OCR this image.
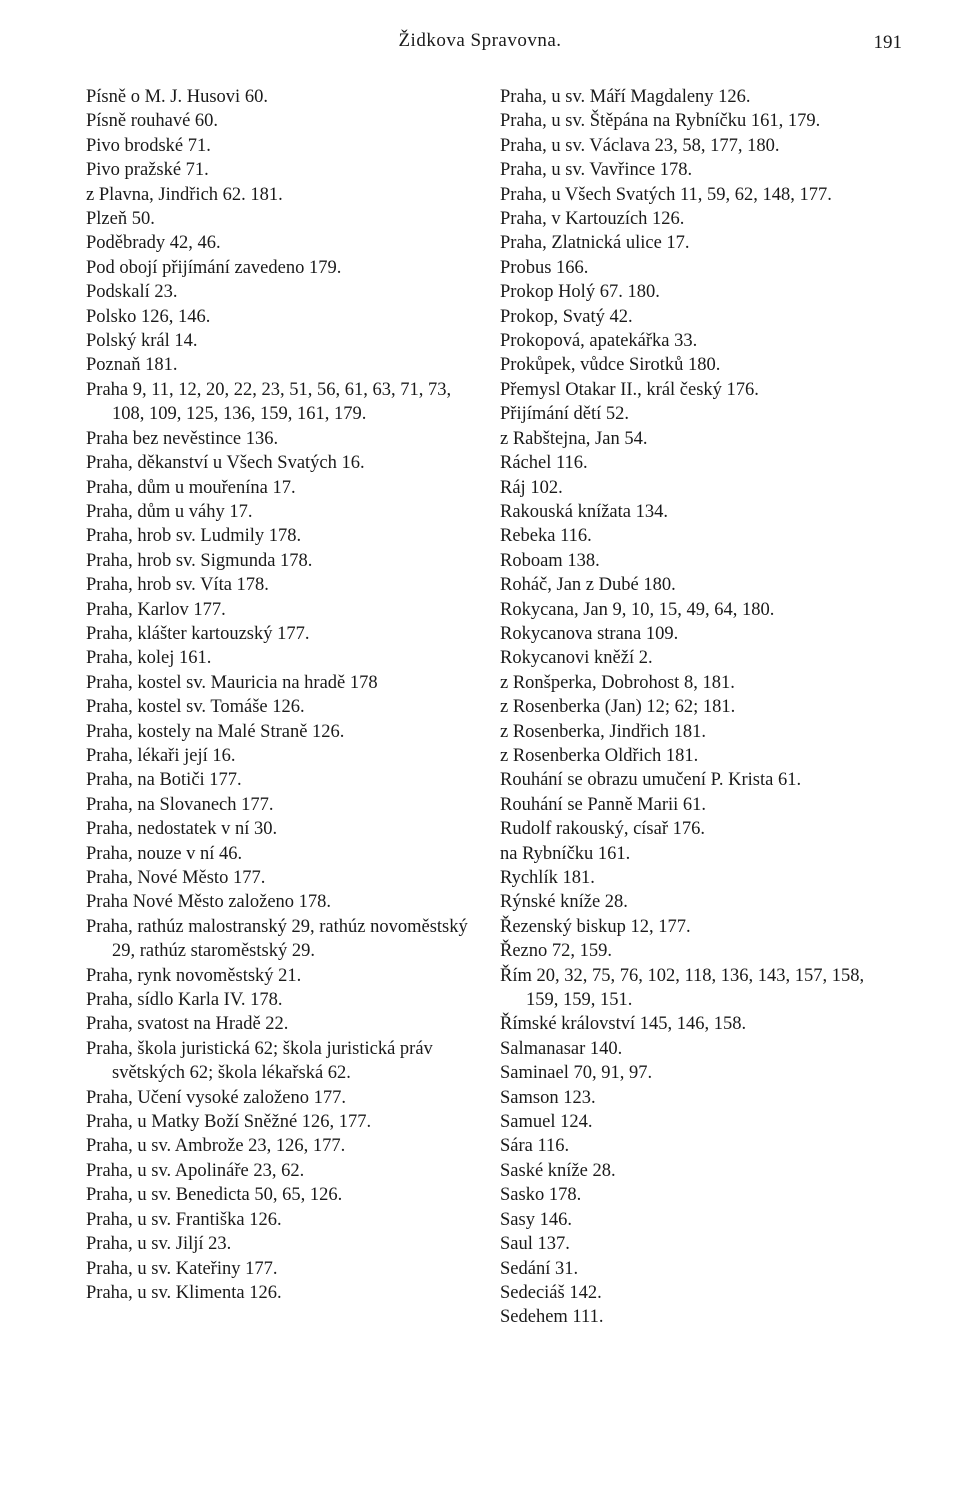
Židkova Spravovna.	191
Písně o M. J. Husovi 60.
Písně rouhavé 60.
Pivo brodské 71.
Pivo pražské 71.
z Plavna, Jindřich 62. 181.
Plzeň 50.
Poděbrady 42, 46.
Pod obojí přijímání zavedeno 179.
Podskalí 23.
Polsko 126, 146.
Polský král 14.
Poznaň 181.
Praha 9, 11, 12, 20, 22, 23, 51, 56, 61, 63, 71, 73, 108, 109, 125, 136, 159, 161, 179.
Praha bez nevěstince 136.
Praha, děkanství u Všech Svatých 16.
Praha, dům u mouřenína 17.
Praha, dům u váhy 17.
Praha, hrob sv. Ludmily 178.
Praha, hrob sv. Sigmunda 178.
Praha, hrob sv. Víta 178.
Praha, Karlov 177.
Praha, klášter kartouzský 177.
Praha, kolej 161.
Praha, kostel sv. Mauricia na hradě 178
Praha, kostel sv. Tomáše 126.
Praha, kostely na Malé Straně 126.
Praha, lékaři její 16.
Praha, na Botiči 177.
Praha, na Slovanech 177.
Praha, nedostatek v ní 30.
Praha, nouze v ní 46.
Praha, Nové Město 177.
Praha Nové Město založeno 178.
Praha, rathúz malostranský 29, rathúz novoměstský 29, rathúz staroměstský 29.
Praha, rynk novoměstský 21.
Praha, sídlo Karla IV. 178.
Praha, svatost na Hradě 22.
Praha, škola juristická 62; škola juristická práv světských 62; škola lékařská 62.
Praha, Učení vysoké založeno 177.
Praha, u Matky Boží Sněžné 126, 177.
Praha, u sv. Ambrože 23, 126, 177.
Praha, u sv. Apolináře 23, 62.
Praha, u sv. Benedicta 50, 65, 126.
Praha, u sv. Františka 126.
Praha, u sv. Jiljí 23.
Praha, u sv. Kateřiny 177.
Praha, u sv. Klimenta 126.
Praha, u sv. Máří Magdaleny 126.
Praha, u sv. Štěpána na Rybníčku 161, 179.
Praha, u sv. Václava 23, 58, 177, 180.
Praha, u sv. Vavřince 178.
Praha, u Všech Svatých 11, 59, 62, 148, 177.
Praha, v Kartouzích 126.
Praha, Zlatnická ulice 17.
Probus 166.
Prokop Holý 67. 180.
Prokop, Svatý 42.
Prokopová, apatekářka 33.
Prokůpek, vůdce Sirotků 180.
Přemysl Otakar II., král český 176.
Přijímání dětí 52.
z Rabštejna, Jan 54.
Ráchel 116.
Ráj 102.
Rakouská knížata 134.
Rebeka 116.
Roboam 138.
Roháč, Jan z Dubé 180.
Rokycana, Jan 9, 10, 15, 49, 64, 180.
Rokycanova strana 109.
Rokycanovi kněží 2.
z Ronšperka, Dobrohost 8, 181.
z Rosenberka (Jan) 12; 62; 181.
z Rosenberka, Jindřich 181.
z Rosenberka Oldřich 181.
Rouhání se obrazu umučení P. Krista 61.
Rouhání se Panně Marii 61.
Rudolf rakouský, císař 176.
na Rybníčku 161.
Rychlík 181.
Rýnské kníže 28.
Řezenský biskup 12, 177.
Řezno 72, 159.
Řím 20, 32, 75, 76, 102, 118, 136, 143, 157, 158, 159, 159, 151.
Římské království 145, 146, 158.
Salmanasar 140.
Saminael 70, 91, 97.
Samson 123.
Samuel 124.
Sára 116.
Saské kníže 28.
Sasko 178.
Sasy 146.
Saul 137.
Sedání 31.
Sedeciáš 142.
Sedehem 111.
